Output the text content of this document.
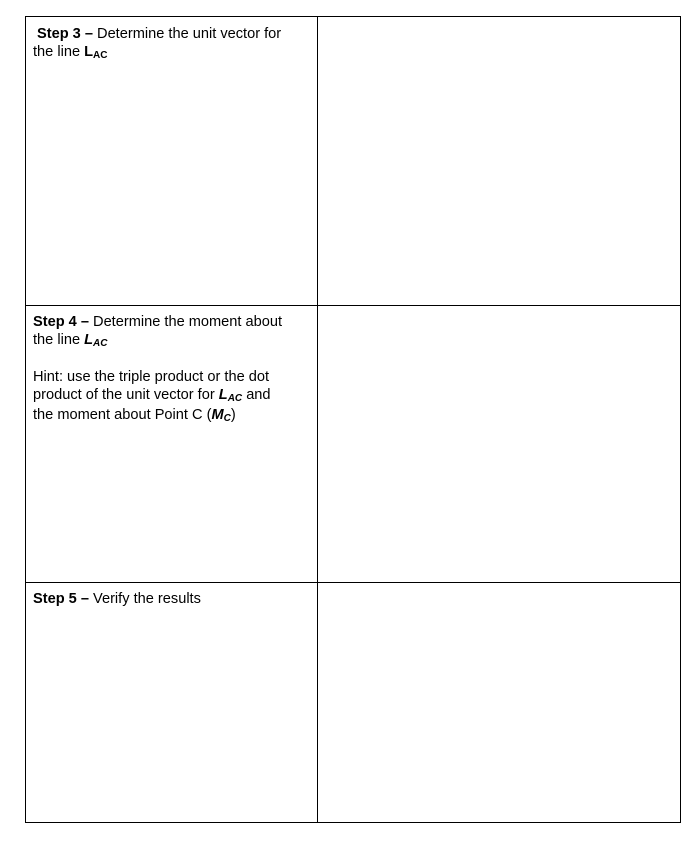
Step 3 – Determine the unit vector for

the line LAC	

Step 4 – Determine the moment about

the line LAC

Hint: use the triple product or the dot

product of the unit vector for LAC and

the moment about Point C (MC)	

Step 5 – Verify the results	
